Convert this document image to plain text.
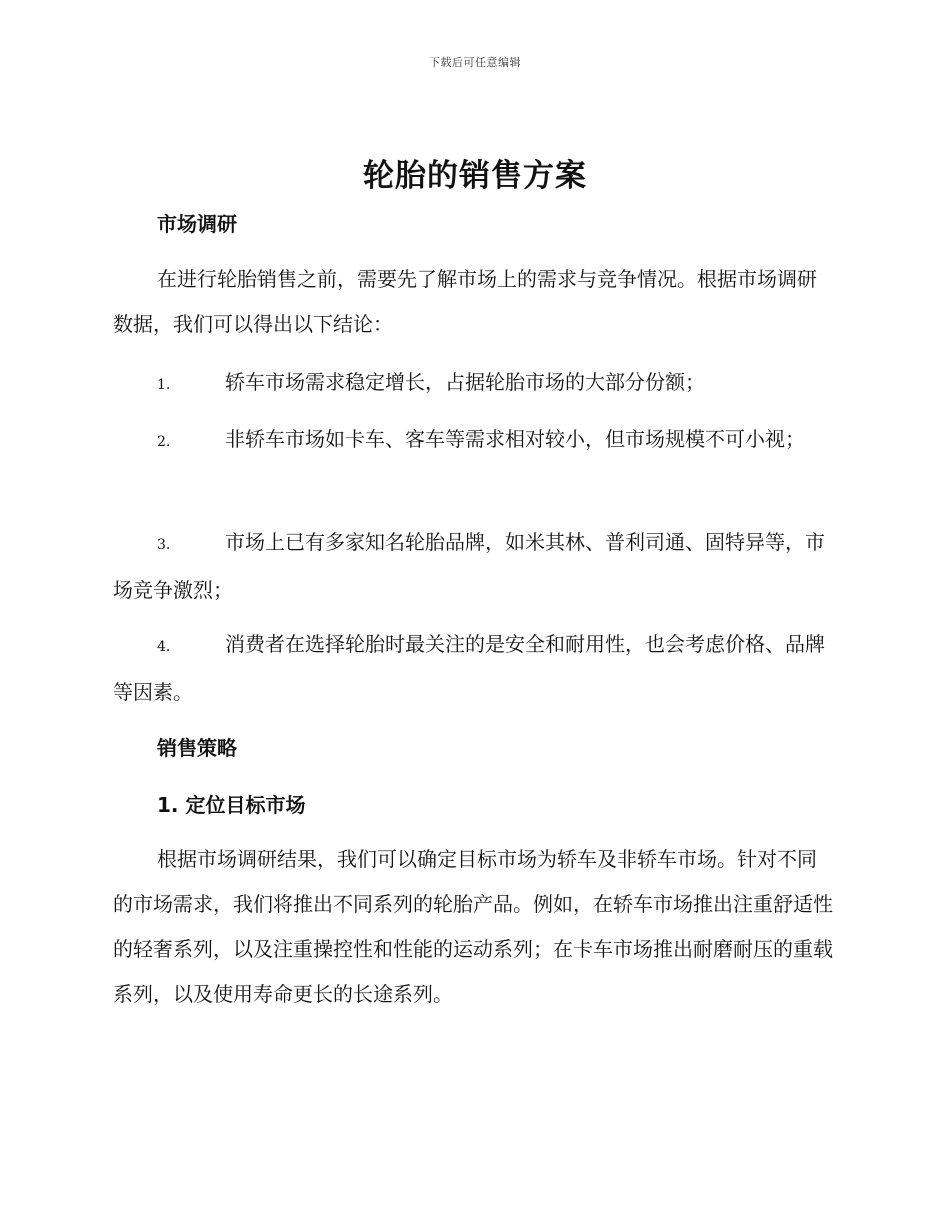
下载后可任意编辑
轮胎的销售方案
市场调研

在进行轮胎销售之前，需要先了解市场上的需求与竞争情况。根据市场调研数据，我们可以得出以下结论：

1.	轿车市场需求稳定增长，占据轮胎市场的大部分份额；

2.	非轿车市场如卡车、客车等需求相对较小，但市场规模不可小视；

3.	市场上已有多家知名轮胎品牌，如米其林、普利司通、固特异等，市场竞争激烈；

4.	消费者在选择轮胎时最关注的是安全和耐用性，也会考虑价格、品牌等因素。

销售策略
1. 定位目标市场

根据市场调研结果，我们可以确定目标市场为轿车及非轿车市场。针对不同的市场需求，我们将推出不同系列的轮胎产品。例如，在轿车市场推出注重舒适性的轻奢系列，以及注重操控性和性能的运动系列；在卡车市场推出耐磨耐压的重载系列，以及使用寿命更长的长途系列。
